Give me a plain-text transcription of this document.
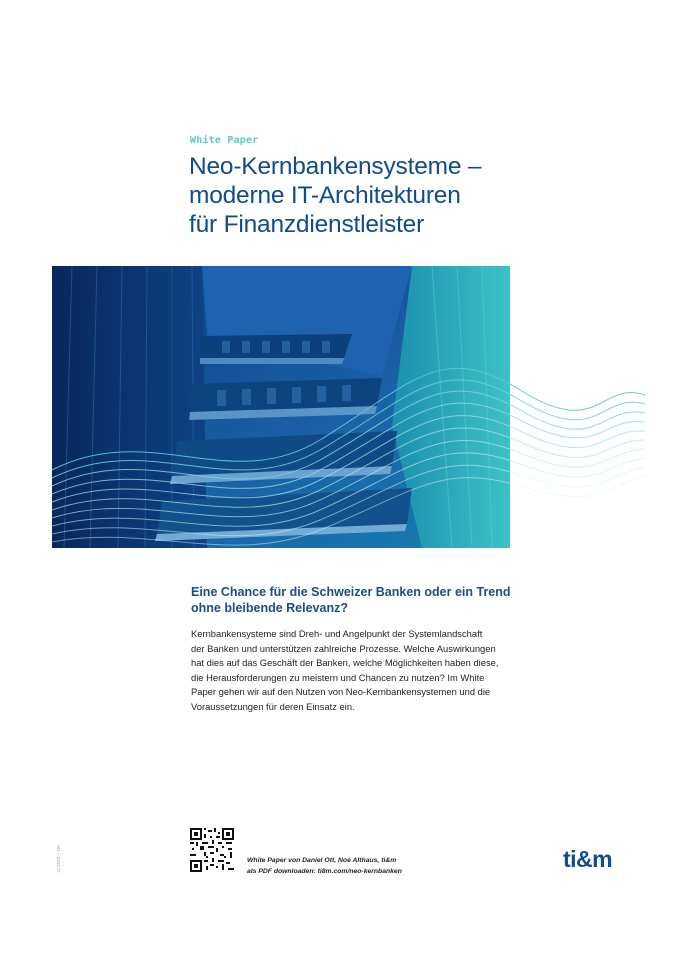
White Paper
Neo-Kernbankensysteme –
moderne IT-Architekturen
für Finanzdienstleister
Eine Chance für die Schweizer Banken oder ein Trend
ohne bleibende Relevanz?

Kernbankensysteme sind Dreh- und Angelpunkt der Systemlandschaft
der Banken und unterstützen zahlreiche Prozesse. Welche Auswirkungen
hat dies auf das Geschäft der Banken, welche Möglichkeiten haben diese,
die Herausforderungen zu meistern und Chancen zu nutzen? Im White
Paper gehen wir auf den Nutzen von Neo-Kernbankensystemen und die
Voraussetzungen für deren Einsatz ein.

White Paper von Daniel Ott, Noé Althaus, ti&m
als PDF downloaden: ti8m.com/neo-kernbanken	ti&m
11.2023 – 1/6
